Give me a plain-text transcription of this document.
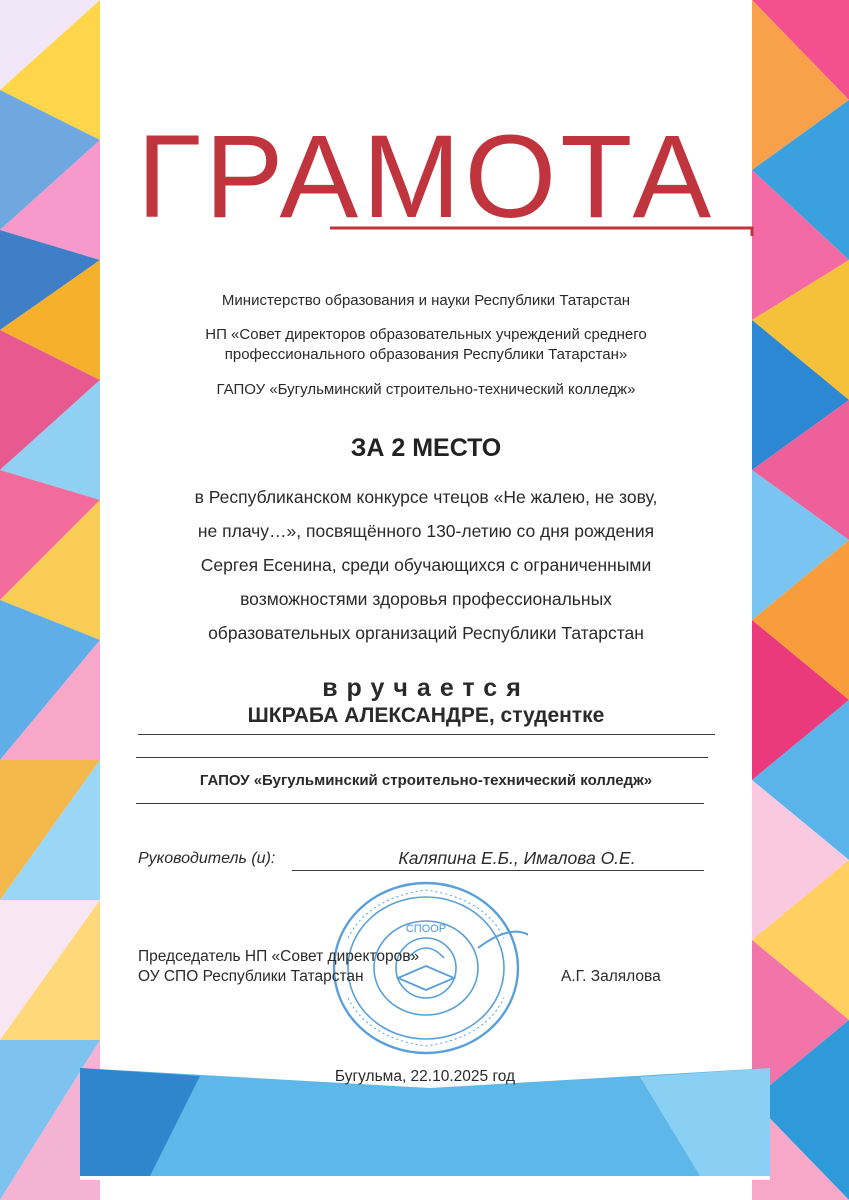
ГРАМОТА
Министерство образования и науки Республики Татарстан
НП «Совет директоров образовательных учреждений среднего
профессионального образования Республики Татарстан»
ГАПОУ «Бугульминский строительно-технический колледж»
ЗА 2 МЕСТО
в Республиканском конкурсе чтецов «Не жалею, не зову,
не плачу…», посвящённого 130-летию со дня рождения
Сергея Есенина, среди обучающихся с ограниченными
возможностями здоровья профессиональных
образовательных организаций Республики Татарстан
вручается
ШКРАБА АЛЕКСАНДРЕ, студентке
ГАПОУ «Бугульминский строительно-технический колледж»
Руководитель (и):	Каляпина Е.Б., Ималова О.Е.
СПООР
Председатель НП «Совет директоров»
ОУ СПО Республики Татарстан	А.Г. Залялова
Бугульма, 22.10.2025 год
